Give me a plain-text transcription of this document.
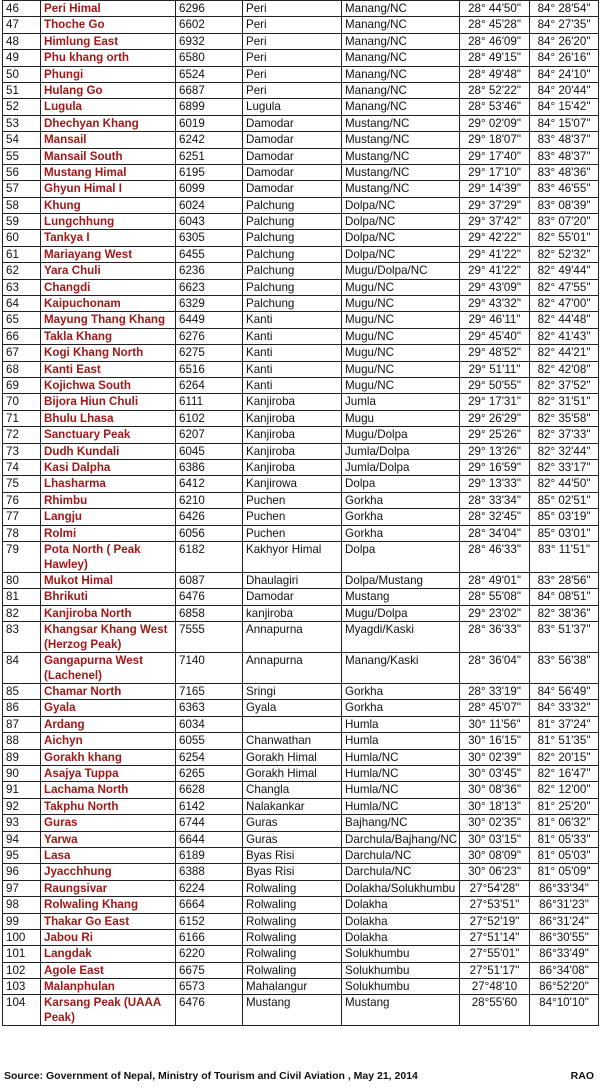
46	Peri Himal	6296	Peri	Manang/NC	28° 44'50"	84° 28'54"
47	Thoche Go	6602	Peri	Manang/NC	28° 45'28"	84° 27'35"
48	Himlung East	6932	Peri	Manang/NC	28° 46'09"	84° 26'20"
49	Phu khang orth	6580	Peri	Manang/NC	28° 49'15"	84° 26'16"
50	Phungi	6524	Peri	Manang/NC	28° 49'48"	84° 24'10"
51	Hulang Go	6687	Peri	Manang/NC	28° 52'22"	84° 20'44"
52	Lugula	6899	Lugula	Manang/NC	28° 53'46"	84° 15'42"
53	Dhechyan Khang	6019	Damodar	Mustang/NC	29° 02'09"	84° 15'07"
54	Mansail	6242	Damodar	Mustang/NC	29° 18'07"	83° 48'37"
55	Mansail South	6251	Damodar	Mustang/NC	29° 17'40"	83° 48'37"
56	Mustang Himal	6195	Damodar	Mustang/NC	29° 17'10"	83° 48'36"
57	Ghyun Himal I	6099	Damodar	Mustang/NC	29° 14'39"	83° 46'55"
58	Khung	6024	Palchung	Dolpa/NC	29° 37'29"	83° 08'39"
59	Lungchhung	6043	Palchung	Dolpa/NC	29° 37'42"	83° 07'20"
60	Tankya I	6305	Palchung	Dolpa/NC	29° 42'22"	82° 55'01"
61	Mariayang West	6455	Palchung	Dolpa/NC	29° 41'22"	82° 52'32"
62	Yara Chuli	6236	Palchung	Mugu/Dolpa/NC	29° 41'22"	82° 49'44"
63	Changdi	6623	Palchung	Mugu/NC	29° 43'09"	82° 47'55"
64	Kaipuchonam	6329	Palchung	Mugu/NC	29° 43'32"	82° 47'00"
65	Mayung Thang Khang	6449	Kanti	Mugu/NC	29° 46'11"	82° 44'48"
66	Takla Khang	6276	Kanti	Mugu/NC	29° 45'40"	82° 41'43"
67	Kogi Khang North	6275	Kanti	Mugu/NC	29° 48'52"	82° 44'21"
68	Kanti East	6516	Kanti	Mugu/NC	29° 51'11"	82° 42'08"
69	Kojichwa South	6264	Kanti	Mugu/NC	29° 50'55"	82° 37'52"
70	Bijora Hiun Chuli	6111	Kanjiroba	Jumla	29° 17'31"	82° 31'51"
71	Bhulu Lhasa	6102	Kanjiroba	Mugu	29° 26'29"	82° 35'58"
72	Sanctuary Peak	6207	Kanjiroba	Mugu/Dolpa	29° 25'26"	82° 37'33"
73	Dudh Kundali	6045	Kanjiroba	Jumla/Dolpa	29° 13'26"	82° 32'44"
74	Kasi Dalpha	6386	Kanjiroba	Jumla/Dolpa	29° 16'59"	82° 33'17"
75	Lhasharma	6412	Kanjirowa	Dolpa	29° 13'33"	82° 44'50"
76	Rhimbu	6210	Puchen	Gorkha	28° 33'34"	85° 02'51"
77	Langju	6426	Puchen	Gorkha	28° 32'45"	85° 03'19"
78	Rolmi	6056	Puchen	Gorkha	28° 34'04"	85° 03'01"
79	Pota North ( Peak Hawley)	6182	Kakhyor Himal	Dolpa	28° 46'33"	83° 11'51"
80	Mukot Himal	6087	Dhaulagiri	Dolpa/Mustang	28° 49'01"	83° 28'56"
81	Bhrikuti	6476	Damodar	Mustang	28° 55'08"	84° 08'51"
82	Kanjiroba North	6858	kanjiroba	Mugu/Dolpa	29° 23'02"	82° 38'36"
83	Khangsar Khang West (Herzog Peak)	7555	Annapurna	Myagdi/Kaski	28° 36'33"	83° 51'37"
84	Gangapurna West (Lachenel)	7140	Annapurna	Manang/Kaski	28° 36'04"	83° 56'38"
85	Chamar North	7165	Sringi	Gorkha	28° 33'19"	84° 56'49"
86	Gyala	6363	Gyala	Gorkha	28° 45'07"	84° 33'32"
87	Ardang	6034		Humla	30° 11'56"	81° 37'24"
88	Aichyn	6055	Chanwathan	Humla	30° 16'15"	81° 51'35"
89	Gorakh khang	6254	Gorakh Himal	Humla/NC	30° 02'39"	82° 20'15"
90	Asajya Tuppa	6265	Gorakh Himal	Humla/NC	30° 03'45"	82° 16'47"
91	Lachama North	6628	Changla	Humla/NC	30° 08'36"	82° 12'00"
92	Takphu North	6142	Nalakankar	Humla/NC	30° 18'13"	81° 25'20"
93	Guras	6744	Guras	Bajhang/NC	30° 02'35"	81° 06'32"
94	Yarwa	6644	Guras	Darchula/Bajhang/NC	30° 03'15"	81° 05'33"
95	Lasa	6189	Byas Risi	Darchula/NC	30° 08'09"	81° 05'03"
96	Jyacchhung	6388	Byas Risi	Darchula/NC	30° 06'23"	81° 05'09"
97	Raungsivar	6224	Rolwaling	Dolakha/Solukhumbu	27°54'28"	86°33'34"
98	Rolwaling Khang	6664	Rolwaling	Dolakha	27°53'51"	86°31'23"
99	Thakar Go East	6152	Rolwaling	Dolakha	27°52'19"	86°31'24"
100	Jabou Ri	6166	Rolwaling	Dolakha	27°51'14"	86°30'55"
101	Langdak	6220	Rolwaling	Solukhumbu	27°55'01"	86°33'49"
102	Agole East	6675	Rolwaling	Solukhumbu	27°51'17"	86°34'08"
103	Malanphulan	6573	Mahalangur	Solukhumbu	27°48'10	86°52'20"
104	Karsang Peak (UAAA Peak)	6476	Mustang	Mustang	28°55'60	84°10'10"
Source: Government of Nepal, Ministry of Tourism and Civil Aviation , May 21, 2014	RAO
